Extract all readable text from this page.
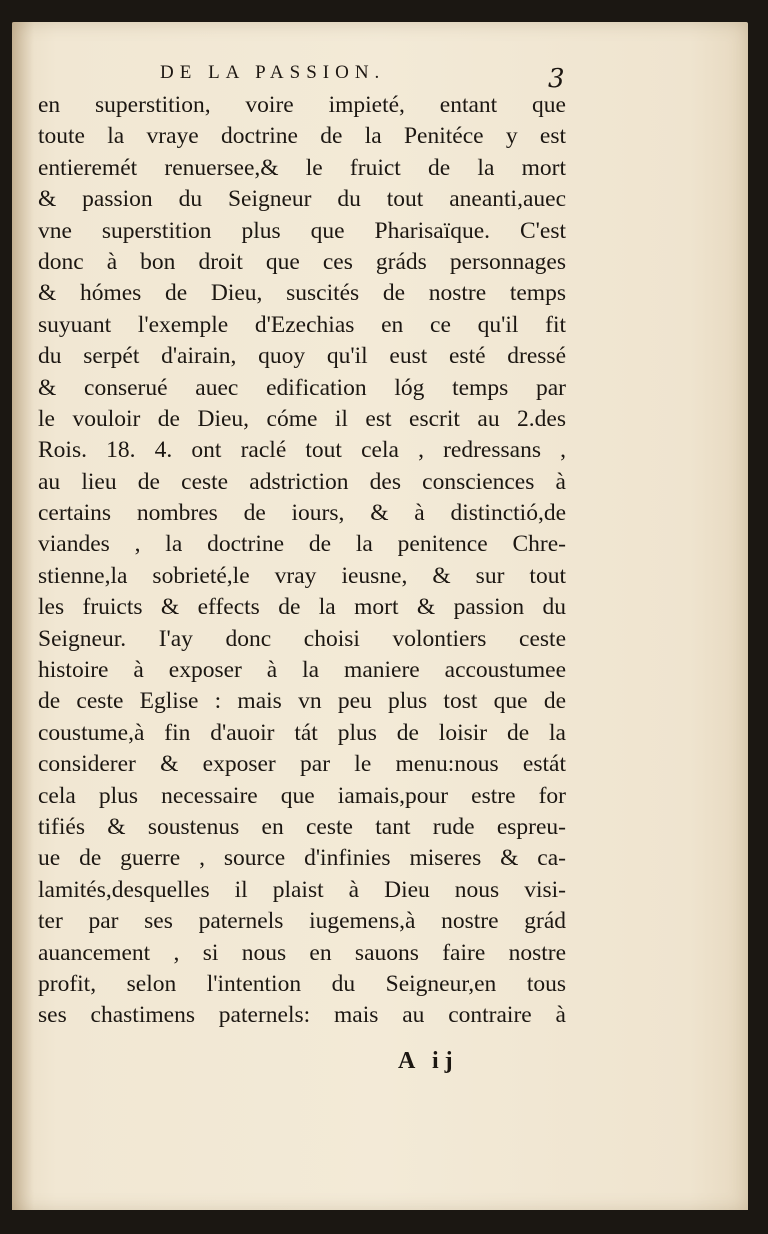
DE LA PASSION.	3
en superstition, voire impieté, entant que
toute la vraye doctrine de la Penitéce y est
entieremét renuersee,& le fruict de la mort
& passion du Seigneur du tout aneanti,auec
vne superstition plus que Pharisaïque. C'est
donc à bon droit que ces gráds personnages
& hómes de Dieu, suscités de nostre temps
suyuant l'exemple d'Ezechias en ce qu'il fit
du serpét d'airain, quoy qu'il eust esté dressé
& conserué auec edification lóg temps par
le vouloir de Dieu, cóme il est escrit au 2.des
Rois. 18. 4. ont raclé tout cela , redressans ,
au lieu de ceste adstriction des consciences à
certains nombres de iours, & à distinctió,de
viandes , la doctrine de la penitence Chre-
stienne,la sobrieté,le vray ieusne, & sur tout
les fruicts & effects de la mort & passion du
Seigneur. I'ay donc choisi volontiers ceste
histoire à exposer à la maniere accoustumee
de ceste Eglise : mais vn peu plus tost que de
coustume,à fin d'auoir tát plus de loisir de la
considerer & exposer par le menu:nous estát
cela plus necessaire que iamais,pour estre for
tifiés & soustenus en ceste tant rude espreu-
ue de guerre , source d'infinies miseres & ca-
lamités,desquelles il plaist à Dieu nous visi-
ter par ses paternels iugemens,à nostre grád
auancement , si nous en sauons faire nostre
profit, selon l'intention du Seigneur,en tous
ses chastimens paternels: mais au contraire à
A ij
